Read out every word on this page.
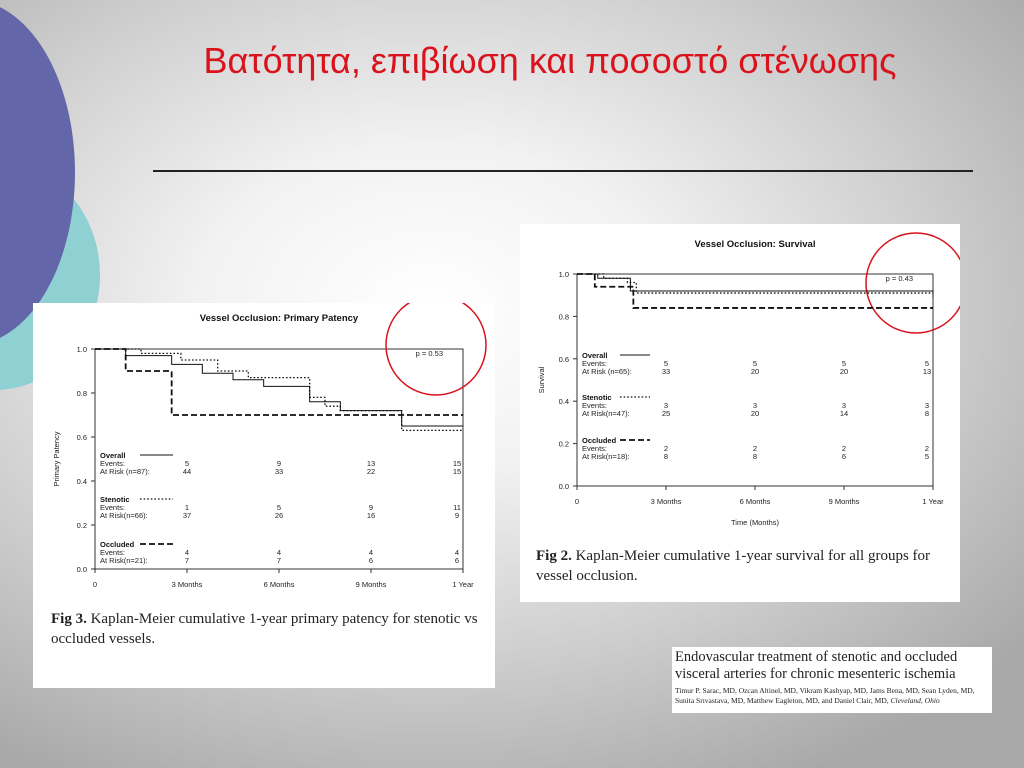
Βατότητα, επιβίωση και ποσοστό στένωσης
Vessel Occlusion: Primary Patency
0.0
0.2
0.4
0.6
0.8
1.0
0	3 Months	6 Months	9 Months	1 Year
Primary Patency
p = 0.53
Overall
Events:	5	9	13	15
At Risk (n=87):	44	33	22	15
Stenotic
Events:	1	5	9	11
At Risk(n=66):	37	26	16	9
Occluded
Events:	4	4	4	4
At Risk(n=21):	7	7	6	6
Fig 3. Kaplan-Meier cumulative 1-year primary patency for stenotic vs occluded vessels.
Vessel Occlusion: Survival
0.0
0.2
0.4
0.6
0.8
1.0
0	3 Months	6 Months	9 Months	1 Year
Survival
Time (Months)
p = 0.43
Overall
Events:	5	5	5	5
At Risk (n=65):	33	20	20	13
Stenotic
Events:	3	3	3	3
At Risk(n=47):	25	20	14	8
Occluded
Events:	2	2	2	2
At Risk(n=18):	8	8	6	5
Fig 2. Kaplan-Meier cumulative 1-year survival for all groups for vessel occlusion.
Endovascular treatment of stenotic and occluded visceral arteries for chronic mesenteric ischemia
Timur P. Sarac, MD, Ozcan Altinel, MD, Vikram Kashyap, MD, Jams Bena, MD, Sean Lyden, MD, Sunita Srıvastava, MD, Matthew Eagleton, MD, and Daniel Clair, MD, Cleveland, Ohio
